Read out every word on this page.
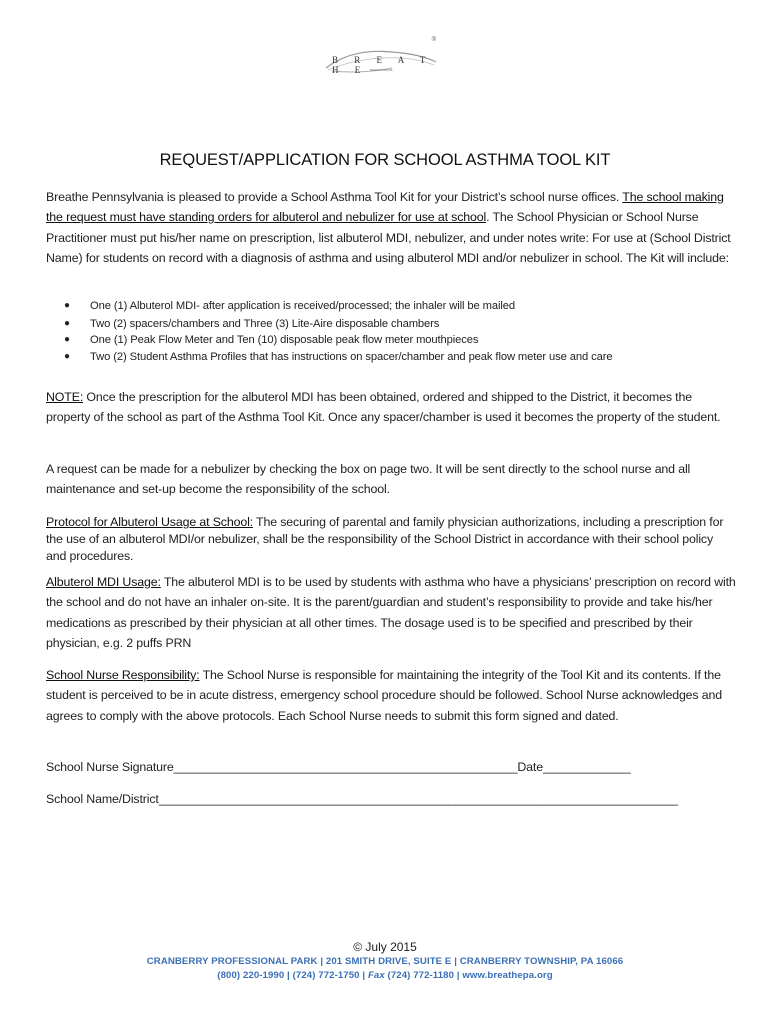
B R E A T H E PENNSYLVANIA
®
REQUEST/APPLICATION FOR SCHOOL ASTHMA TOOL KIT

Breathe Pennsylvania is pleased to provide a School Asthma Tool Kit for your District’s school nurse offices. The school making the request must have standing orders for albuterol and nebulizer for use at school. The School Physician or School Nurse Practitioner must put his/her name on prescription, list albuterol MDI, nebulizer, and under notes write: For use at (School District Name) for students on record with a diagnosis of asthma and using albuterol MDI and/or nebulizer in school. The Kit will include:

● One (1) Albuterol MDI- after application is received/processed; the inhaler will be mailed
● Two (2) spacers/chambers and Three (3) Lite-Aire disposable chambers
● One (1) Peak Flow Meter and Ten (10) disposable peak flow meter mouthpieces
● Two (2) Student Asthma Profiles that has instructions on spacer/chamber and peak flow meter use and care

NOTE: Once the prescription for the albuterol MDI has been obtained, ordered and shipped to the District, it becomes the property of the school as part of the Asthma Tool Kit. Once any spacer/chamber is used it becomes the property of the student.

A request can be made for a nebulizer by checking the box on page two. It will be sent directly to the school nurse and all maintenance and set-up become the responsibility of the school.

Protocol for Albuterol Usage at School: The securing of parental and family physician authorizations, including a prescription for the use of an albuterol MDI/or nebulizer, shall be the responsibility of the School District in accordance with their school policy and procedures.

Albuterol MDI Usage: The albuterol MDI is to be used by students with asthma who have a physicians’ prescription on record with the school and do not have an inhaler on-site. It is the parent/guardian and student’s responsibility to provide and take his/her medications as prescribed by their physician at all other times. The dosage used is to be specified and prescribed by their physician, e.g. 2 puffs PRN

School Nurse Responsibility: The School Nurse is responsible for maintaining the integrity of the Tool Kit and its contents. If the student is perceived to be in acute distress, emergency school procedure should be followed. School Nurse acknowledges and agrees to comply with the above protocols. Each School Nurse needs to submit this form signed and dated.

School Nurse Signature___________________________________________________Date_____________
School Name/District_____________________________________________________________________________
© July 2015
CRANBERRY PROFESSIONAL PARK | 201 SMITH DRIVE, SUITE E | CRANBERRY TOWNSHIP, PA 16066
(800) 220-1990 | (724) 772-1750 | Fax (724) 772-1180 | www.breathepa.org
